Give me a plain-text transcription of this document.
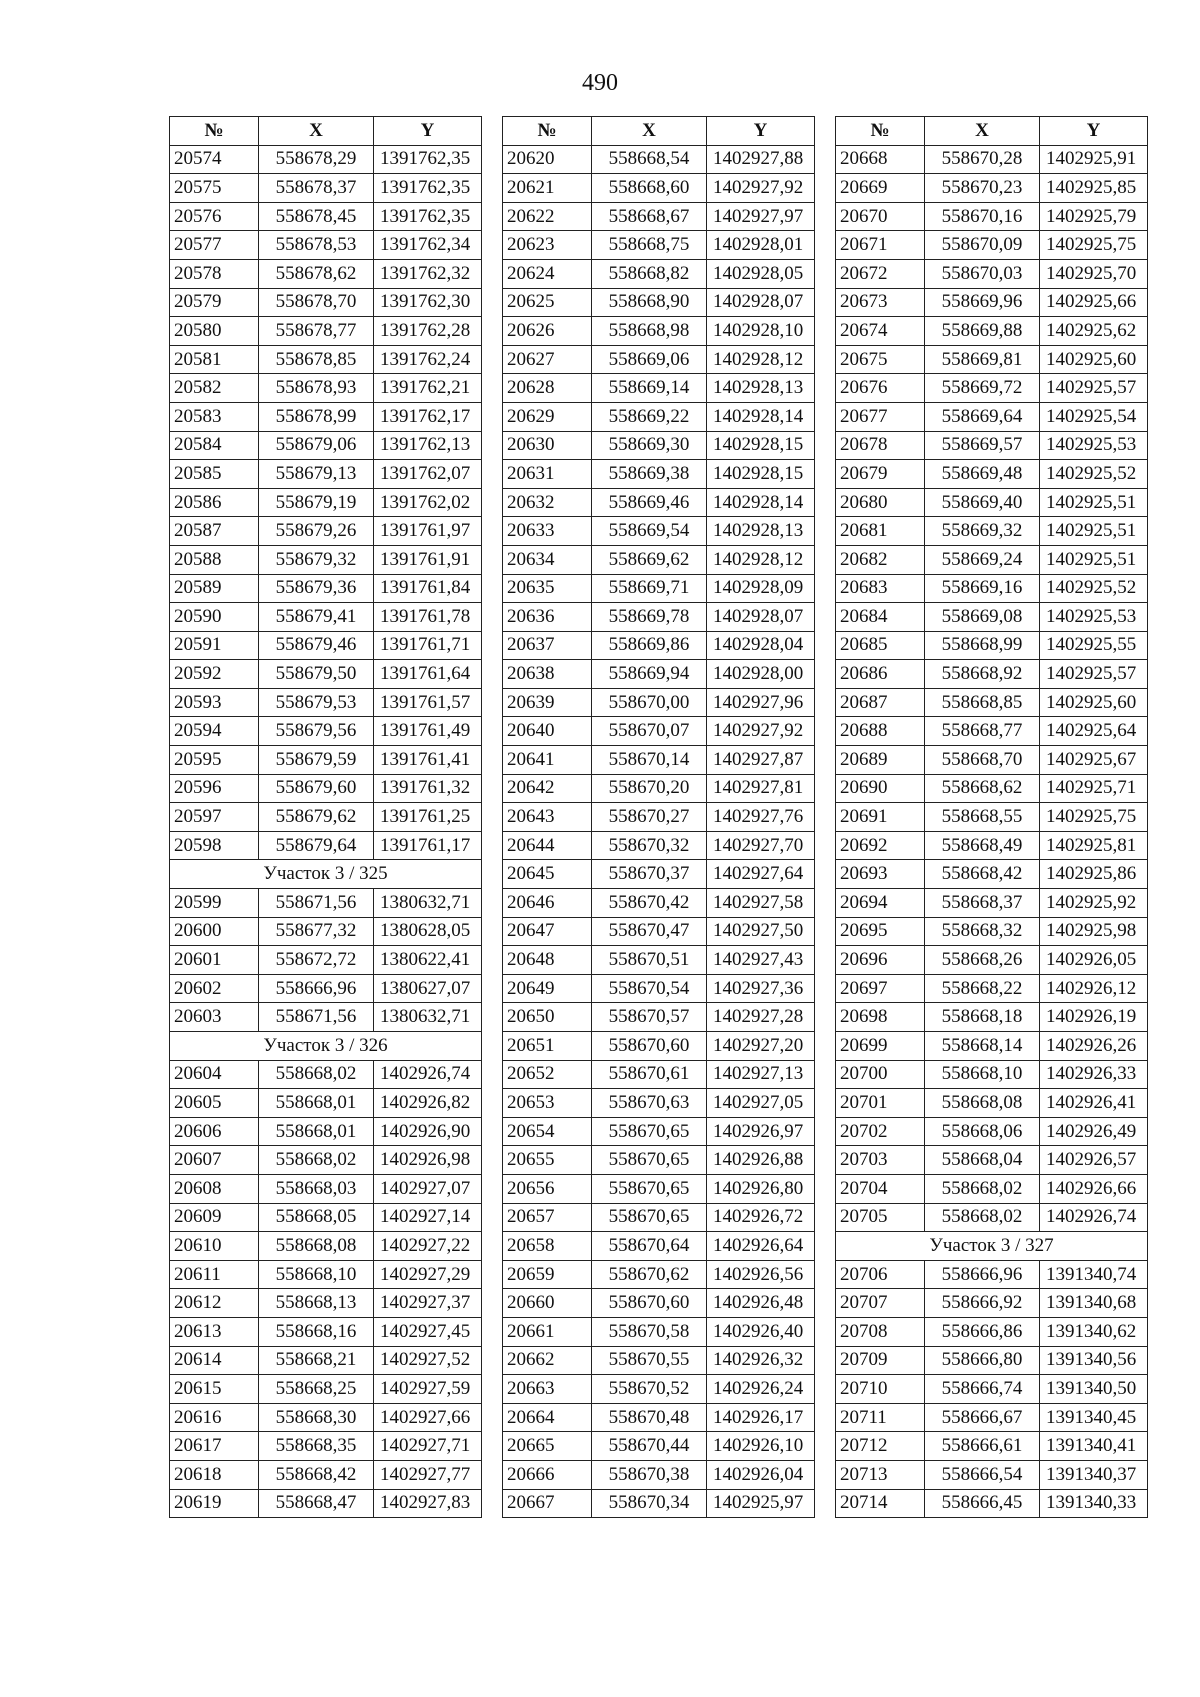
490
№	X	Y
20574	558678,29	1391762,35
20575	558678,37	1391762,35
20576	558678,45	1391762,35
20577	558678,53	1391762,34
20578	558678,62	1391762,32
20579	558678,70	1391762,30
20580	558678,77	1391762,28
20581	558678,85	1391762,24
20582	558678,93	1391762,21
20583	558678,99	1391762,17
20584	558679,06	1391762,13
20585	558679,13	1391762,07
20586	558679,19	1391762,02
20587	558679,26	1391761,97
20588	558679,32	1391761,91
20589	558679,36	1391761,84
20590	558679,41	1391761,78
20591	558679,46	1391761,71
20592	558679,50	1391761,64
20593	558679,53	1391761,57
20594	558679,56	1391761,49
20595	558679,59	1391761,41
20596	558679,60	1391761,32
20597	558679,62	1391761,25
20598	558679,64	1391761,17
Участок 3 / 325		
20599	558671,56	1380632,71
20600	558677,32	1380628,05
20601	558672,72	1380622,41
20602	558666,96	1380627,07
20603	558671,56	1380632,71
Участок 3 / 326		
20604	558668,02	1402926,74
20605	558668,01	1402926,82
20606	558668,01	1402926,90
20607	558668,02	1402926,98
20608	558668,03	1402927,07
20609	558668,05	1402927,14
20610	558668,08	1402927,22
20611	558668,10	1402927,29
20612	558668,13	1402927,37
20613	558668,16	1402927,45
20614	558668,21	1402927,52
20615	558668,25	1402927,59
20616	558668,30	1402927,66
20617	558668,35	1402927,71
20618	558668,42	1402927,77
20619	558668,47	1402927,83
№	X	Y
20620	558668,54	1402927,88
20621	558668,60	1402927,92
20622	558668,67	1402927,97
20623	558668,75	1402928,01
20624	558668,82	1402928,05
20625	558668,90	1402928,07
20626	558668,98	1402928,10
20627	558669,06	1402928,12
20628	558669,14	1402928,13
20629	558669,22	1402928,14
20630	558669,30	1402928,15
20631	558669,38	1402928,15
20632	558669,46	1402928,14
20633	558669,54	1402928,13
20634	558669,62	1402928,12
20635	558669,71	1402928,09
20636	558669,78	1402928,07
20637	558669,86	1402928,04
20638	558669,94	1402928,00
20639	558670,00	1402927,96
20640	558670,07	1402927,92
20641	558670,14	1402927,87
20642	558670,20	1402927,81
20643	558670,27	1402927,76
20644	558670,32	1402927,70
20645	558670,37	1402927,64
20646	558670,42	1402927,58
20647	558670,47	1402927,50
20648	558670,51	1402927,43
20649	558670,54	1402927,36
20650	558670,57	1402927,28
20651	558670,60	1402927,20
20652	558670,61	1402927,13
20653	558670,63	1402927,05
20654	558670,65	1402926,97
20655	558670,65	1402926,88
20656	558670,65	1402926,80
20657	558670,65	1402926,72
20658	558670,64	1402926,64
20659	558670,62	1402926,56
20660	558670,60	1402926,48
20661	558670,58	1402926,40
20662	558670,55	1402926,32
20663	558670,52	1402926,24
20664	558670,48	1402926,17
20665	558670,44	1402926,10
20666	558670,38	1402926,04
20667	558670,34	1402925,97
№	X	Y
20668	558670,28	1402925,91
20669	558670,23	1402925,85
20670	558670,16	1402925,79
20671	558670,09	1402925,75
20672	558670,03	1402925,70
20673	558669,96	1402925,66
20674	558669,88	1402925,62
20675	558669,81	1402925,60
20676	558669,72	1402925,57
20677	558669,64	1402925,54
20678	558669,57	1402925,53
20679	558669,48	1402925,52
20680	558669,40	1402925,51
20681	558669,32	1402925,51
20682	558669,24	1402925,51
20683	558669,16	1402925,52
20684	558669,08	1402925,53
20685	558668,99	1402925,55
20686	558668,92	1402925,57
20687	558668,85	1402925,60
20688	558668,77	1402925,64
20689	558668,70	1402925,67
20690	558668,62	1402925,71
20691	558668,55	1402925,75
20692	558668,49	1402925,81
20693	558668,42	1402925,86
20694	558668,37	1402925,92
20695	558668,32	1402925,98
20696	558668,26	1402926,05
20697	558668,22	1402926,12
20698	558668,18	1402926,19
20699	558668,14	1402926,26
20700	558668,10	1402926,33
20701	558668,08	1402926,41
20702	558668,06	1402926,49
20703	558668,04	1402926,57
20704	558668,02	1402926,66
20705	558668,02	1402926,74
Участок 3 / 327		
20706	558666,96	1391340,74
20707	558666,92	1391340,68
20708	558666,86	1391340,62
20709	558666,80	1391340,56
20710	558666,74	1391340,50
20711	558666,67	1391340,45
20712	558666,61	1391340,41
20713	558666,54	1391340,37
20714	558666,45	1391340,33
